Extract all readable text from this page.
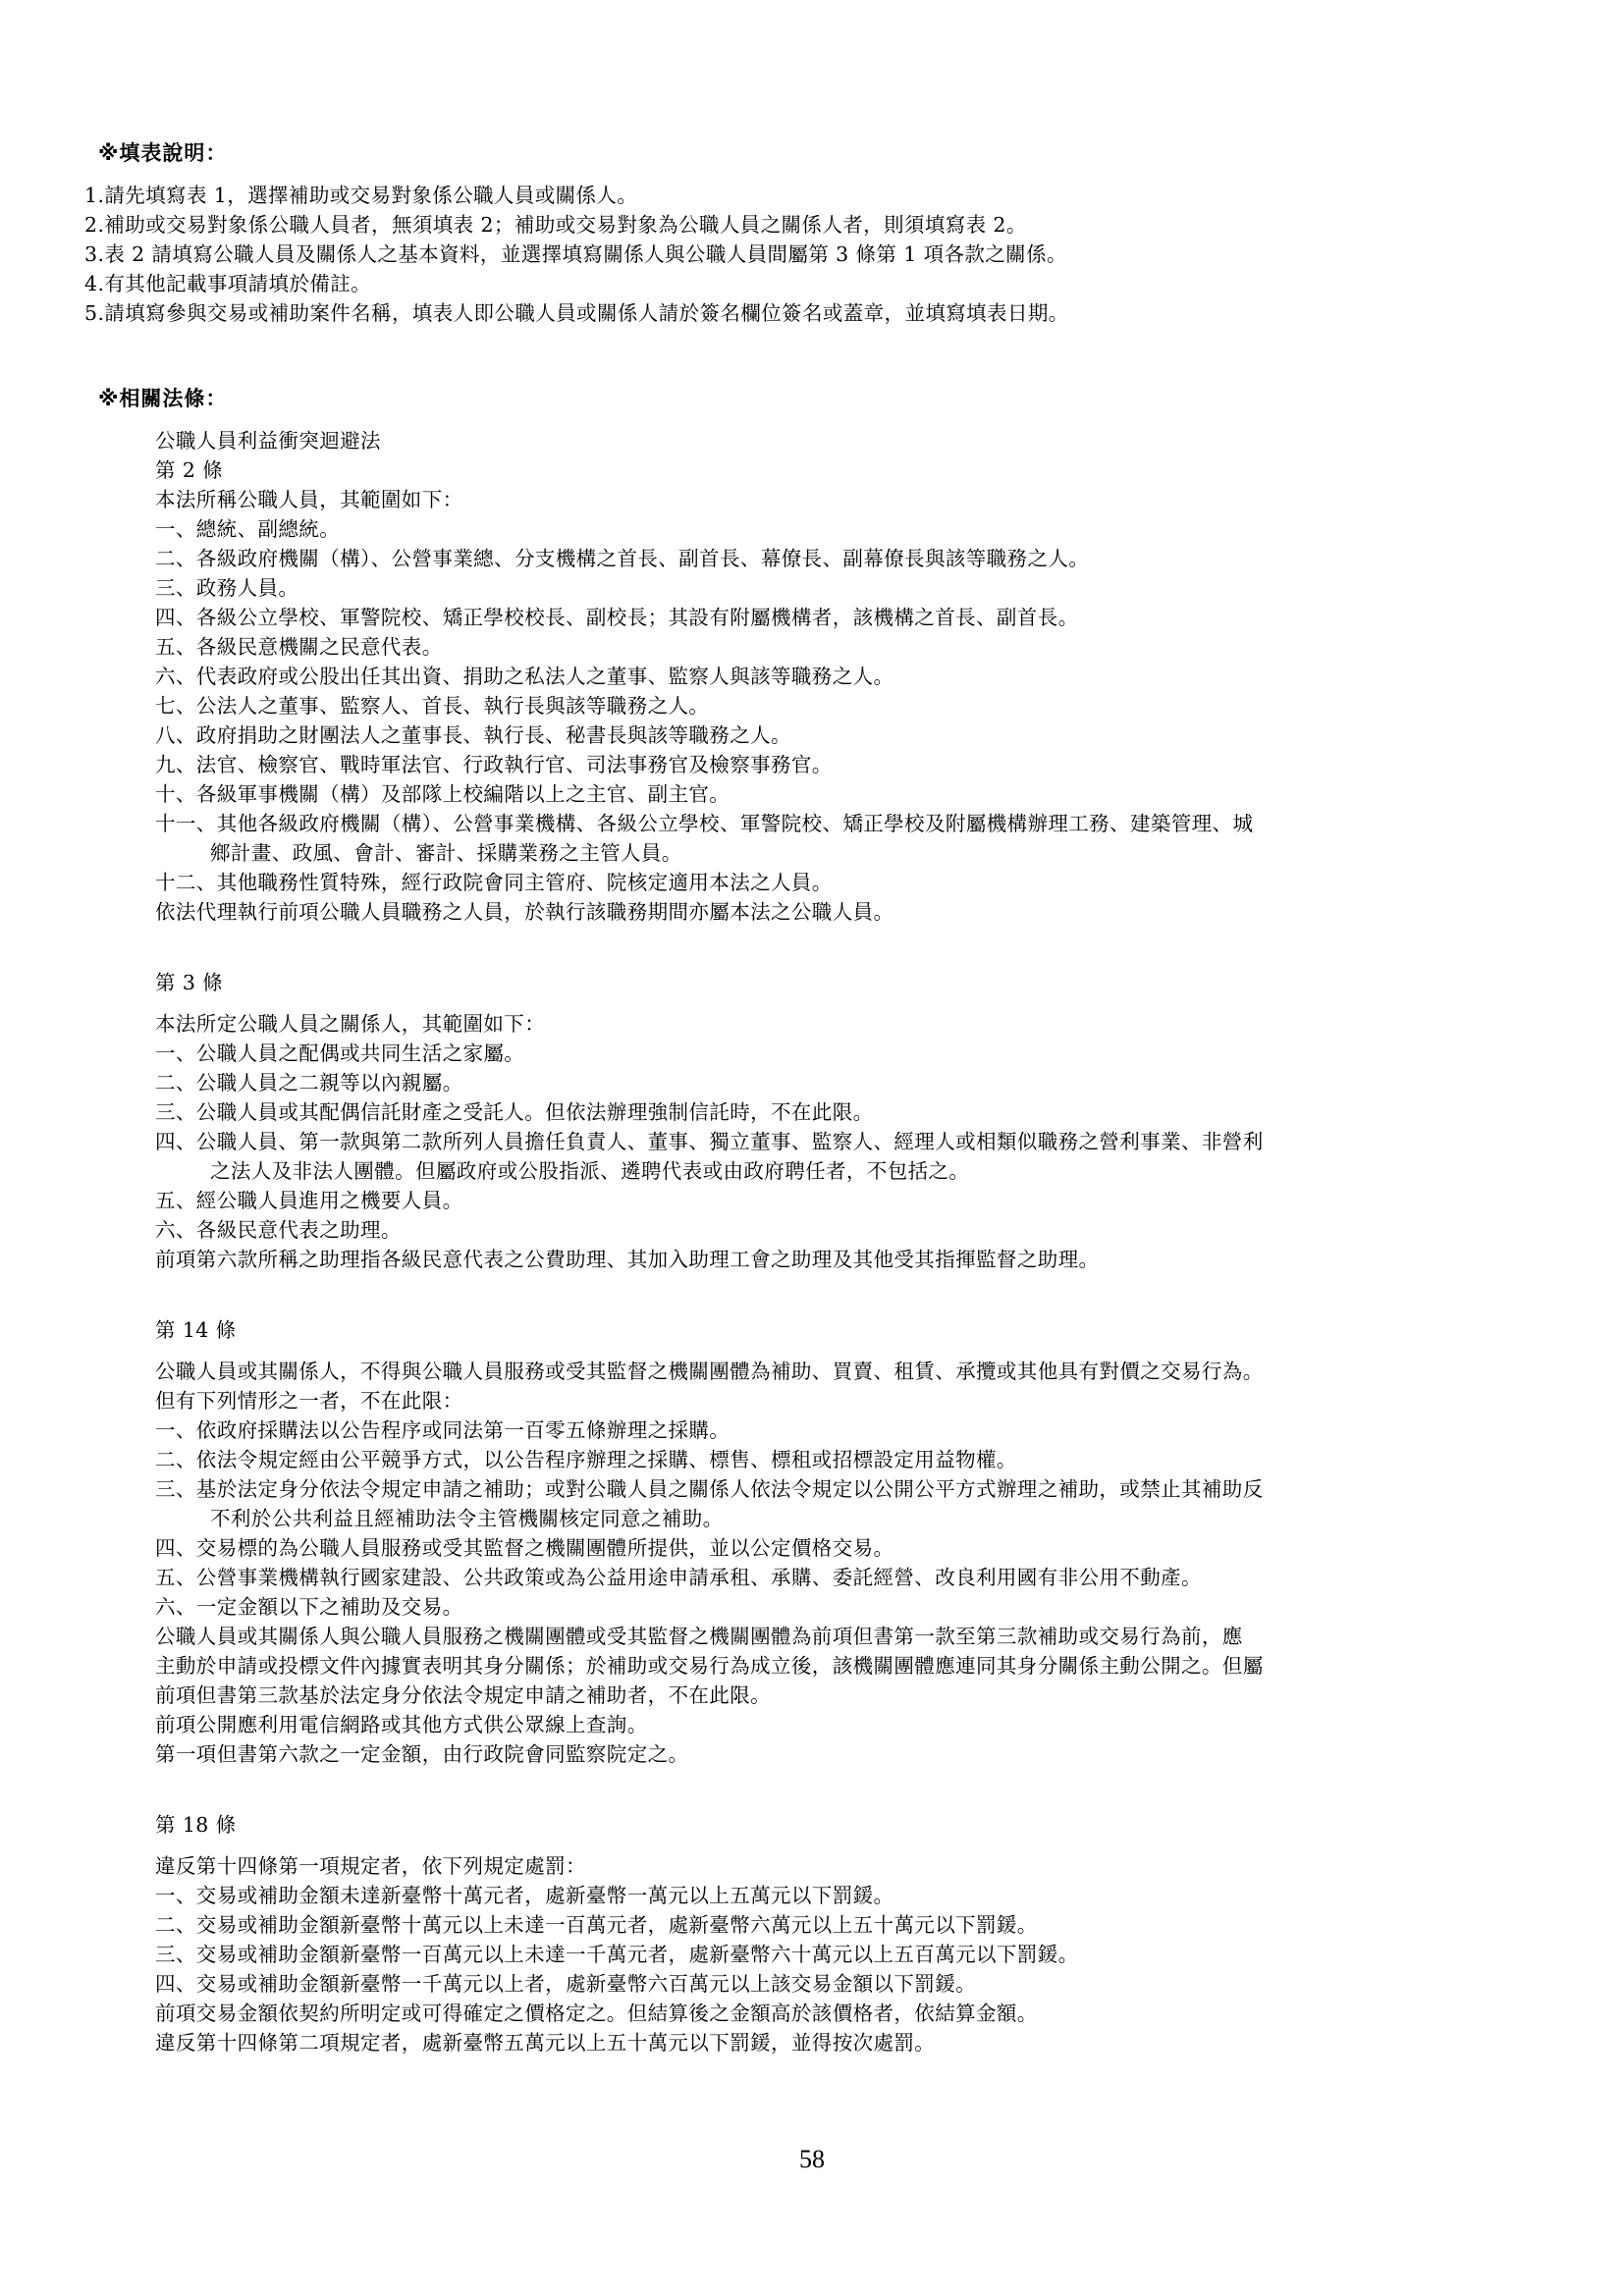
※填表說明：
1.請先填寫表 1，選擇補助或交易對象係公職人員或關係人。
2.補助或交易對象係公職人員者，無須填表 2；補助或交易對象為公職人員之關係人者，則須填寫表 2。
3.表 2 請填寫公職人員及關係人之基本資料，並選擇填寫關係人與公職人員間屬第 3 條第 1 項各款之關係。
4.有其他記載事項請填於備註。
5.請填寫參與交易或補助案件名稱，填表人即公職人員或關係人請於簽名欄位簽名或蓋章，並填寫填表日期。
※相關法條：
公職人員利益衝突迴避法
第 2 條
本法所稱公職人員，其範圍如下：
一、總統、副總統。
二、各級政府機關（構）、公營事業總、分支機構之首長、副首長、幕僚長、副幕僚長與該等職務之人。
三、政務人員。
四、各級公立學校、軍警院校、矯正學校校長、副校長；其設有附屬機構者，該機構之首長、副首長。
五、各級民意機關之民意代表。
六、代表政府或公股出任其出資、捐助之私法人之董事、監察人與該等職務之人。
七、公法人之董事、監察人、首長、執行長與該等職務之人。
八、政府捐助之財團法人之董事長、執行長、秘書長與該等職務之人。
九、法官、檢察官、戰時軍法官、行政執行官、司法事務官及檢察事務官。
十、各級軍事機關（構）及部隊上校編階以上之主官、副主官。
十一、其他各級政府機關（構）、公營事業機構、各級公立學校、軍警院校、矯正學校及附屬機構辦理工務、建築管理、城
鄉計畫、政風、會計、審計、採購業務之主管人員。
十二、其他職務性質特殊，經行政院會同主管府、院核定適用本法之人員。
依法代理執行前項公職人員職務之人員，於執行該職務期間亦屬本法之公職人員。
第 3 條
本法所定公職人員之關係人，其範圍如下：
一、公職人員之配偶或共同生活之家屬。
二、公職人員之二親等以內親屬。
三、公職人員或其配偶信託財產之受託人。但依法辦理強制信託時，不在此限。
四、公職人員、第一款與第二款所列人員擔任負責人、董事、獨立董事、監察人、經理人或相類似職務之營利事業、非營利
之法人及非法人團體。但屬政府或公股指派、遴聘代表或由政府聘任者，不包括之。
五、經公職人員進用之機要人員。
六、各級民意代表之助理。
前項第六款所稱之助理指各級民意代表之公費助理、其加入助理工會之助理及其他受其指揮監督之助理。
第 14 條
公職人員或其關係人，不得與公職人員服務或受其監督之機關團體為補助、買賣、租賃、承攬或其他具有對價之交易行為。
但有下列情形之一者，不在此限：
一、依政府採購法以公告程序或同法第一百零五條辦理之採購。
二、依法令規定經由公平競爭方式，以公告程序辦理之採購、標售、標租或招標設定用益物權。
三、基於法定身分依法令規定申請之補助；或對公職人員之關係人依法令規定以公開公平方式辦理之補助，或禁止其補助反
不利於公共利益且經補助法令主管機關核定同意之補助。
四、交易標的為公職人員服務或受其監督之機關團體所提供，並以公定價格交易。
五、公營事業機構執行國家建設、公共政策或為公益用途申請承租、承購、委託經營、改良利用國有非公用不動產。
六、一定金額以下之補助及交易。
公職人員或其關係人與公職人員服務之機關團體或受其監督之機關團體為前項但書第一款至第三款補助或交易行為前，應
主動於申請或投標文件內據實表明其身分關係；於補助或交易行為成立後，該機關團體應連同其身分關係主動公開之。但屬
前項但書第三款基於法定身分依法令規定申請之補助者，不在此限。
前項公開應利用電信網路或其他方式供公眾線上查詢。
第一項但書第六款之一定金額，由行政院會同監察院定之。
第 18 條
違反第十四條第一項規定者，依下列規定處罰：
一、交易或補助金額未達新臺幣十萬元者，處新臺幣一萬元以上五萬元以下罰鍰。
二、交易或補助金額新臺幣十萬元以上未達一百萬元者，處新臺幣六萬元以上五十萬元以下罰鍰。
三、交易或補助金額新臺幣一百萬元以上未達一千萬元者，處新臺幣六十萬元以上五百萬元以下罰鍰。
四、交易或補助金額新臺幣一千萬元以上者，處新臺幣六百萬元以上該交易金額以下罰鍰。
前項交易金額依契約所明定或可得確定之價格定之。但結算後之金額高於該價格者，依結算金額。
違反第十四條第二項規定者，處新臺幣五萬元以上五十萬元以下罰鍰，並得按次處罰。
58
